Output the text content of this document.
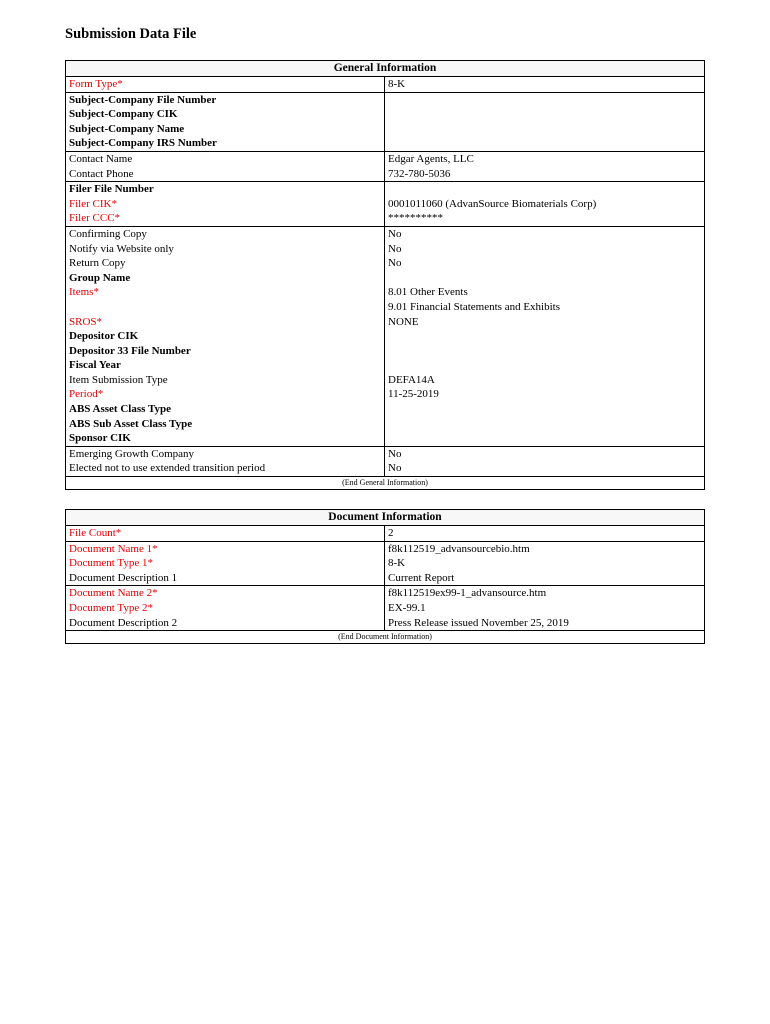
Submission Data File
General Information
Form Type*	8-K
Subject-Company File Number
Subject-Company CIK
Subject-Company Name
Subject-Company IRS Number
Contact Name	Edgar Agents, LLC
Contact Phone	732-780-5036
Filer File Number
Filer CIK*	0001011060 (AdvanSource Biomaterials Corp)
Filer CCC*	**********
Confirming Copy	No
Notify via Website only	No
Return Copy	No
Group Name
Items*	8.01 Other Events
9.01 Financial Statements and Exhibits
SROS*	NONE
Depositor CIK
Depositor 33 File Number
Fiscal Year
Item Submission Type	DEFA14A
Period*	11-25-2019
ABS Asset Class Type
ABS Sub Asset Class Type
Sponsor CIK
Emerging Growth Company	No
Elected not to use extended transition period	No
(End General Information)
Document Information
File Count*	2
Document Name 1*	f8k112519_advansourcebio.htm
Document Type 1*	8-K
Document Description 1	Current Report
Document Name 2*	f8k112519ex99-1_advansource.htm
Document Type 2*	EX-99.1
Document Description 2	Press Release issued November 25, 2019
(End Document Information)
